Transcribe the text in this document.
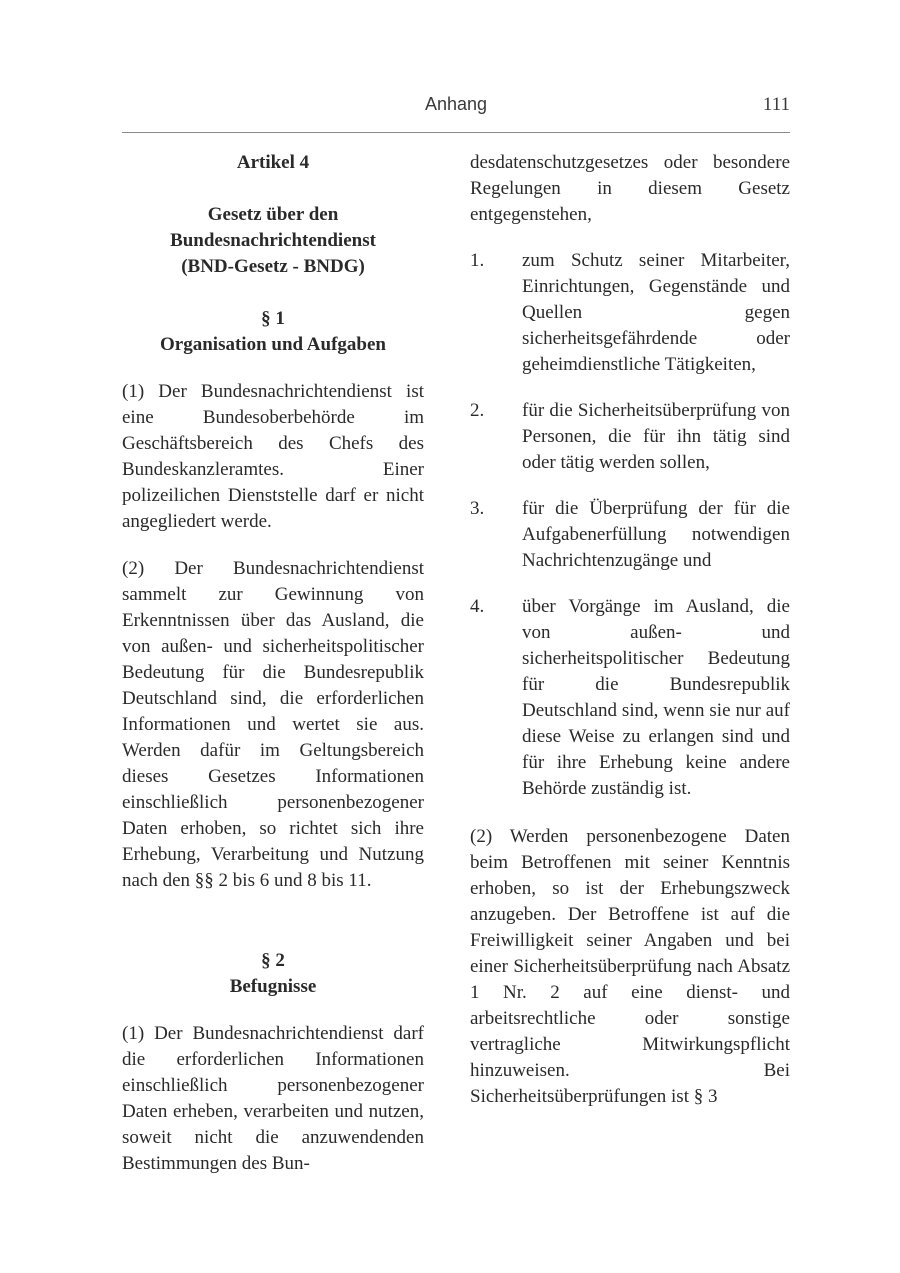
Anhang	111
Artikel 4
Gesetz über den
Bundesnachrichtendienst
(BND-Gesetz - BNDG)
§ 1
Organisation und Aufgaben
(1) Der Bundesnachrichtendienst ist eine Bundesoberbehörde im Geschäftsbereich des Chefs des Bundeskanzleramtes. Einer polizeilichen Dienststelle darf er nicht angegliedert werde.
(2) Der Bundesnachrichtendienst sammelt zur Gewinnung von Erkenntnissen über das Ausland, die von außen- und sicherheitspolitischer Bedeutung für die Bundesrepublik Deutschland sind, die erforderlichen Informationen und wertet sie aus. Werden dafür im Geltungsbereich dieses Gesetzes Informationen einschließlich personenbezogener Daten erhoben, so richtet sich ihre Erhebung, Verarbeitung und Nutzung nach den §§ 2 bis 6 und 8 bis 11.
§ 2
Befugnisse
(1) Der Bundesnachrichtendienst darf die erforderlichen Informationen einschließlich personenbezogener Daten erheben, verarbeiten und nutzen, soweit nicht die anzuwendenden Bestimmungen des Bun-
desdatenschutzgesetzes oder besondere Regelungen in diesem Gesetz entgegenstehen,
1.	zum Schutz seiner Mitarbeiter, Einrichtungen, Gegenstände und Quellen gegen sicherheitsgefährdende oder geheimdienstliche Tätigkeiten,
2.	für die Sicherheitsüberprüfung von Personen, die für ihn tätig sind oder tätig werden sollen,
3.	für die Überprüfung der für die Aufgabenerfüllung notwendigen Nachrichtenzugänge und
4.	über Vorgänge im Ausland, die von außen- und sicherheitspolitischer Bedeutung für die Bundesrepublik Deutschland sind, wenn sie nur auf diese Weise zu erlangen sind und für ihre Erhebung keine andere Behörde zuständig ist.
(2) Werden personenbezogene Daten beim Betroffenen mit seiner Kenntnis erhoben, so ist der Erhebungszweck anzugeben. Der Betroffene ist auf die Freiwilligkeit seiner Angaben und bei einer Sicherheitsüberprüfung nach Absatz 1 Nr. 2 auf eine dienst- und arbeitsrechtliche oder sonstige vertragliche Mitwirkungspflicht hinzuweisen. Bei Sicherheitsüberprüfungen ist § 3
